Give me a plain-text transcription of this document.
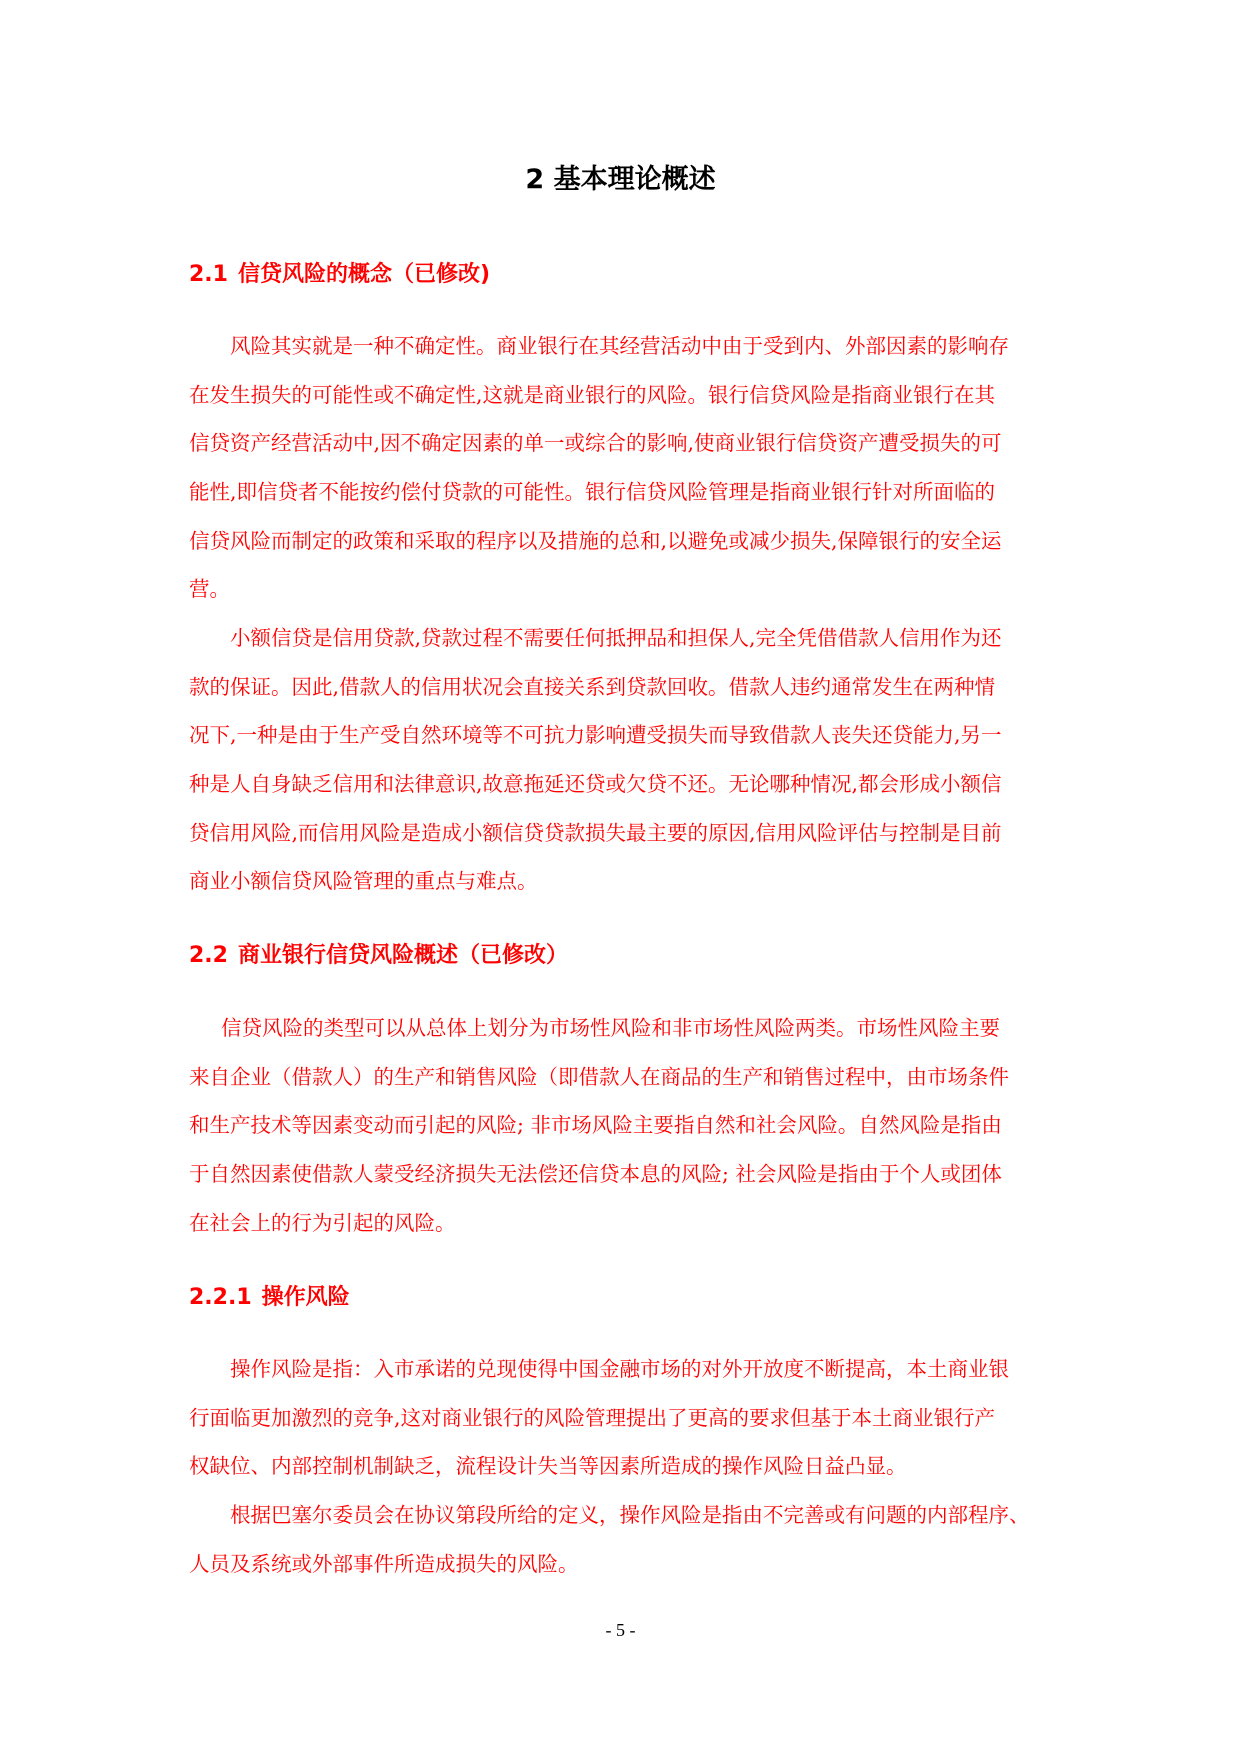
2 基本理论概述
2.1 信贷风险的概念（已修改)
风险其实就是一种不确定性。商业银行在其经营活动中由于受到内、外部因素的影响存
在发生损失的可能性或不确定性,这就是商业银行的风险。银行信贷风险是指商业银行在其
信贷资产经营活动中,因不确定因素的单一或综合的影响,使商业银行信贷资产遭受损失的可
能性,即信贷者不能按约偿付贷款的可能性。银行信贷风险管理是指商业银行针对所面临的
信贷风险而制定的政策和采取的程序以及措施的总和,以避免或减少损失,保障银行的安全运
营。
小额信贷是信用贷款,贷款过程不需要任何抵押品和担保人,完全凭借借款人信用作为还
款的保证。因此,借款人的信用状况会直接关系到贷款回收。借款人违约通常发生在两种情
况下,一种是由于生产受自然环境等不可抗力影响遭受损失而导致借款人丧失还贷能力,另一
种是人自身缺乏信用和法律意识,故意拖延还贷或欠贷不还。无论哪种情况,都会形成小额信
贷信用风险,而信用风险是造成小额信贷贷款损失最主要的原因,信用风险评估与控制是目前
商业小额信贷风险管理的重点与难点。
2.2 商业银行信贷风险概述（已修改）
信贷风险的类型可以从总体上划分为市场性风险和非市场性风险两类。市场性风险主要
来自企业（借款人）的生产和销售风险（即借款人在商品的生产和销售过程中，由市场条件
和生产技术等因素变动而引起的风险; 非市场风险主要指自然和社会风险。自然风险是指由
于自然因素使借款人蒙受经济损失无法偿还信贷本息的风险; 社会风险是指由于个人或团体
在社会上的行为引起的风险。
2.2.1 操作风险
操作风险是指：入市承诺的兑现使得中国金融市场的对外开放度不断提高，本土商业银
行面临更加激烈的竞争,这对商业银行的风险管理提出了更高的要求但基于本土商业银行产
权缺位、内部控制机制缺乏，流程设计失当等因素所造成的操作风险日益凸显。
根据巴塞尔委员会在协议第段所给的定义，操作风险是指由不完善或有问题的内部程序、
人员及系统或外部事件所造成损失的风险。
- 5 -
